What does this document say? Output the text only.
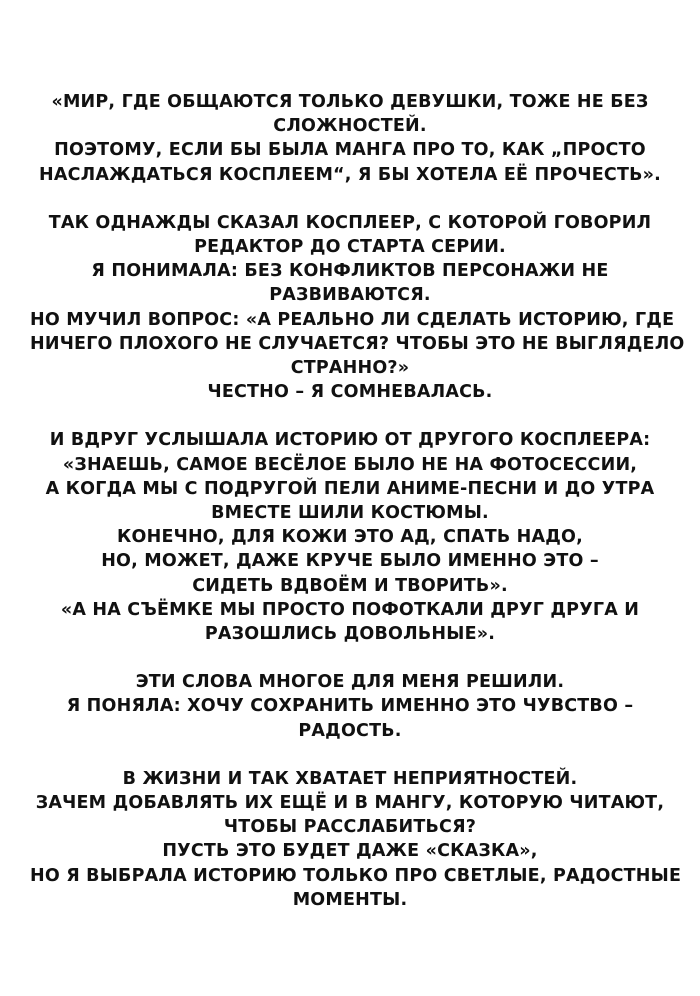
«МИР, ГДЕ ОБЩАЮТСЯ ТОЛЬКО ДЕВУШКИ, ТОЖЕ НЕ БЕЗ
СЛОЖНОСТЕЙ.
ПОЭТОМУ, ЕСЛИ БЫ БЫЛА МАНГА ПРО ТО, КАК „ПРОСТО
НАСЛАЖДАТЬСЯ КОСПЛЕЕМ“, Я БЫ ХОТЕЛА ЕЁ ПРОЧЕСТЬ».
ТАК ОДНАЖДЫ СКАЗАЛ КОСПЛЕЕР, С КОТОРОЙ ГОВОРИЛ
РЕДАКТОР ДО СТАРТА СЕРИИ.
Я ПОНИМАЛА: БЕЗ КОНФЛИКТОВ ПЕРСОНАЖИ НЕ
РАЗВИВАЮТСЯ.
НО МУЧИЛ ВОПРОС: «А РЕАЛЬНО ЛИ СДЕЛАТЬ ИСТОРИЮ, ГДЕ
НИЧЕГО ПЛОХОГО НЕ СЛУЧАЕТСЯ? ЧТОБЫ ЭТО НЕ ВЫГЛЯДЕЛО
СТРАННО?»
ЧЕСТНО – Я СОМНЕВАЛАСЬ.
И ВДРУГ УСЛЫШАЛА ИСТОРИЮ ОТ ДРУГОГО КОСПЛЕЕРА:
«ЗНАЕШЬ, САМОЕ ВЕСЁЛОЕ БЫЛО НЕ НА ФОТОСЕССИИ,
А КОГДА МЫ С ПОДРУГОЙ ПЕЛИ АНИМЕ-ПЕСНИ И ДО УТРА
ВМЕСТЕ ШИЛИ КОСТЮМЫ.
КОНЕЧНО, ДЛЯ КОЖИ ЭТО АД, СПАТЬ НАДО,
НО, МОЖЕТ, ДАЖЕ КРУЧЕ БЫЛО ИМЕННО ЭТО –
СИДЕТЬ ВДВОЁМ И ТВОРИТЬ».
«А НА СЪЁМКЕ МЫ ПРОСТО ПОФОТКАЛИ ДРУГ ДРУГА И
РАЗОШЛИСЬ ДОВОЛЬНЫЕ».
ЭТИ СЛОВА МНОГОЕ ДЛЯ МЕНЯ РЕШИЛИ.
Я ПОНЯЛА: ХОЧУ СОХРАНИТЬ ИМЕННО ЭТО ЧУВСТВО –
РАДОСТЬ.
В ЖИЗНИ И ТАК ХВАТАЕТ НЕПРИЯТНОСТЕЙ.
ЗАЧЕМ ДОБАВЛЯТЬ ИХ ЕЩЁ И В МАНГУ, КОТОРУЮ ЧИТАЮТ,
ЧТОБЫ РАССЛАБИТЬСЯ?
ПУСТЬ ЭТО БУДЕТ ДАЖЕ «СКАЗКА»,
НО Я ВЫБРАЛА ИСТОРИЮ ТОЛЬКО ПРО СВЕТЛЫЕ, РАДОСТНЫЕ
МОМЕНТЫ.
